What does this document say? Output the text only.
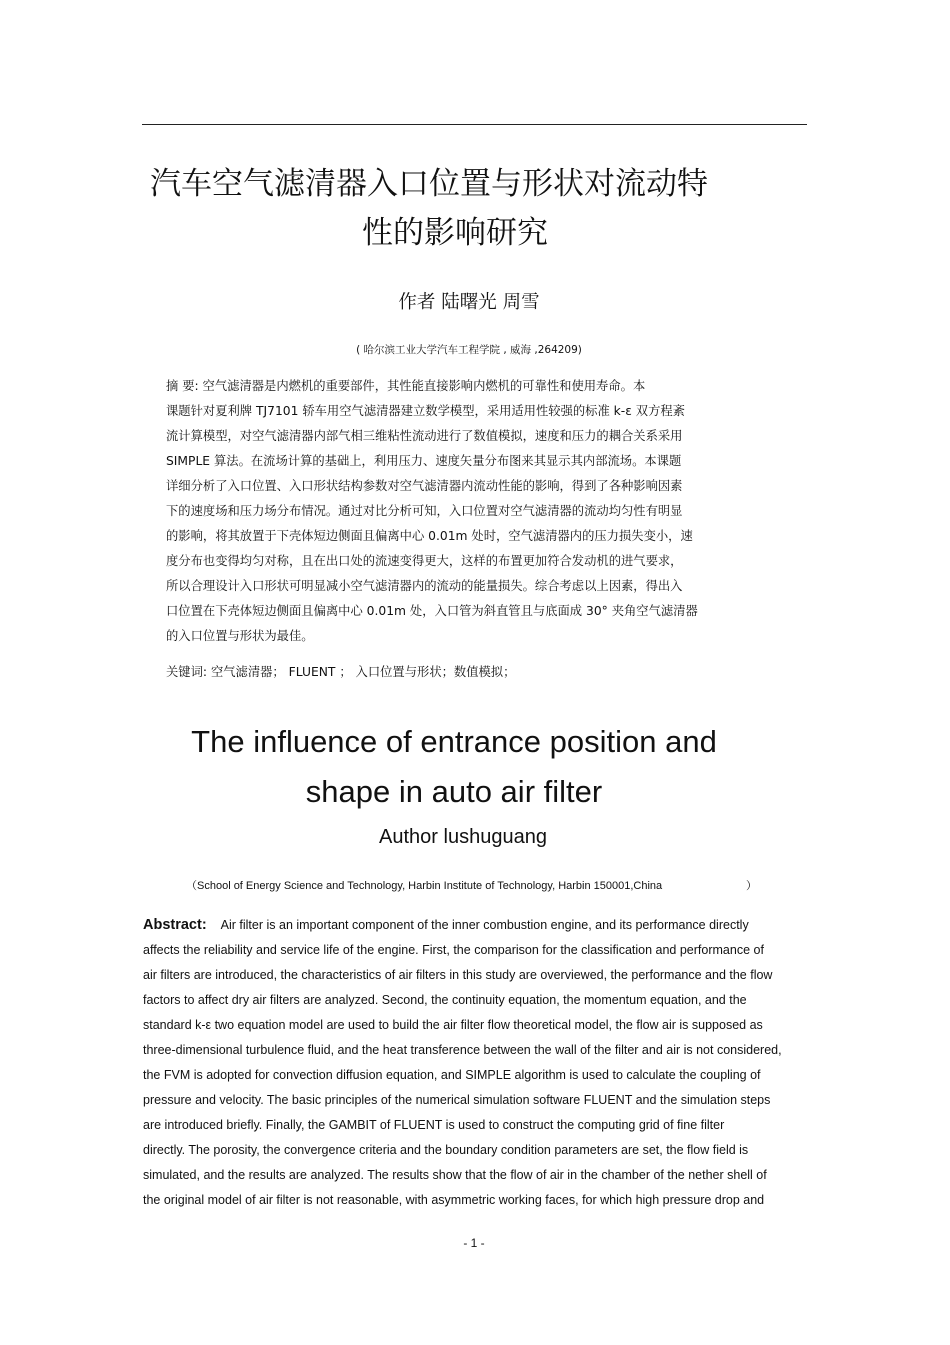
汽车空气滤清器入口位置与形状对流动特
性的影响研究
作者 陆曙光 周雪
( 哈尔滨工业大学汽车工程学院 , 威海 ,264209)
摘 要: 空气滤清器是内燃机的重要部件，其性能直接影响内燃机的可靠性和使用寿命。本
课题针对夏利牌 TJ7101 轿车用空气滤清器建立数学模型，采用适用性较强的标准 k-ε 双方程紊
流计算模型，对空气滤清器内部气相三维粘性流动进行了数值模拟，速度和压力的耦合关系采用
SIMPLE 算法。在流场计算的基础上，利用压力、速度矢量分布图来其显示其内部流场。本课题
详细分析了入口位置、入口形状结构参数对空气滤清器内流动性能的影响，得到了各种影响因素
下的速度场和压力场分布情况。通过对比分析可知，入口位置对空气滤清器的流动均匀性有明显
的影响，将其放置于下壳体短边侧面且偏离中心 0.01m 处时，空气滤清器内的压力损失变小，速
度分布也变得均匀对称，且在出口处的流速变得更大，这样的布置更加符合发动机的进气要求，
所以合理设计入口形状可明显减小空气滤清器内的流动的能量损失。综合考虑以上因素，得出入
口位置在下壳体短边侧面且偏离中心 0.01m 处，入口管为斜直管且与底面成 30° 夹角空气滤清器
的入口位置与形状为最佳。
关键词: 空气滤清器； FLUENT ； 入口位置与形状；数值模拟；
The influence of entrance position and
shape in auto air filter
Author lushuguang
（School of Energy Science and Technology, Harbin Institute of Technology, Harbin 150001,China	）
Abstract: Air filter is an important component of the inner combustion engine, and its performance directly
affects the reliability and service life of the engine. First, the comparison for the classification and performance of
air filters are introduced, the characteristics of air filters in this study are overviewed, the performance and the flow
factors to affect dry air filters are analyzed. Second, the continuity equation, the momentum equation, and the
standard k-ε two equation model are used to build the air filter flow theoretical model, the flow air is supposed as
three-dimensional turbulence fluid, and the heat transference between the wall of the filter and air is not considered,
the FVM is adopted for convection diffusion equation, and SIMPLE algorithm is used to calculate the coupling of
pressure and velocity. The basic principles of the numerical simulation software FLUENT and the simulation steps
are introduced briefly. Finally, the GAMBIT of FLUENT is used to construct the computing grid of fine filter
directly. The porosity, the convergence criteria and the boundary condition parameters are set, the flow field is
simulated, and the results are analyzed. The results show that the flow of air in the chamber of the nether shell of
the original model of air filter is not reasonable, with asymmetric working faces, for which high pressure drop and
- 1 -
